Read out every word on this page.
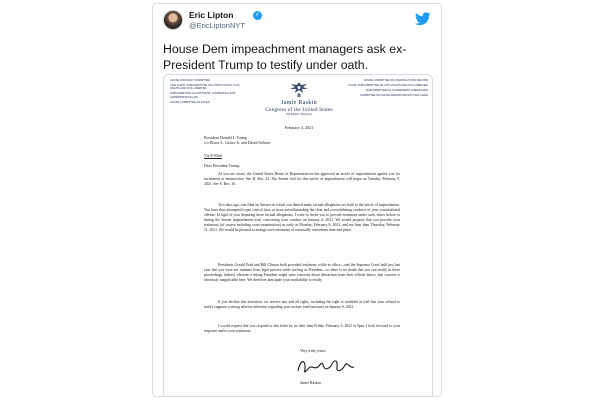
Eric Lipton	✓
@EricLiptonNYT
House Dem impeachment managers ask ex-President Trump to testify under oath.
HOUSE JUDICIARY COMMITTEE
VICE CHAIR, SUBCOMMITTEE ON CONSTITUTION, CIVIL RIGHTS AND CIVIL LIBERTIES
SUBCOMMITTEE ON ANTITRUST, COMMERCIAL AND ADMINISTRATIVE LAW
HOUSE COMMITTEE ON RULES
HOUSE COMMITTEE ON OVERSIGHT AND REFORM
CHAIR, SUBCOMMITTEE ON CIVIL RIGHTS AND CIVIL LIBERTIES
SUBCOMMITTEE ON GOVERNMENT OPERATIONS
COMMITTEE ON HOUSE ADMINISTRATION VICE CHAIR
Jamie Raskin
Congress of the United States
8th District, Maryland
February 4, 2021
President Donald J. Trump
c/o Bruce L. Castor Jr. and David Schoen
Via E-Mail
Dear President Trump,
As you are aware, the United States House of Representatives has approved an article of impeachment against you for incitement of insurrection. See H. Res. 24. The Senate trial for this article of impeachment will begin on Tuesday, February 9, 2021. See S. Res. 16.
Two days ago, you filed an Answer in which you denied many factual allegations set forth in the article of impeachment. You have thus attempted to put critical facts at issue notwithstanding the clear and overwhelming evidence of your constitutional offense. In light of your disputing these factual allegations, I write to invite you to provide testimony under oath, either before or during the Senate impeachment trial, concerning your conduct on January 6, 2021. We would propose that you provide your testimony (of course including cross-examination) as early as Monday, February 8, 2021, and not later than Thursday, February 11, 2021. We would be pleased to arrange such testimony at a mutually convenient time and place.
Presidents Gerald Ford and Bill Clinton both provided testimony while in office—and the Supreme Court held just last year that you were not immune from legal process while serving as President—so there is no doubt that you can testify in these proceedings. Indeed, whereas a sitting President might raise concerns about distraction from their official duties, that concern is obviously inapplicable here. We therefore anticipate your availability to testify.
If you decline this invitation, we reserve any and all rights, including the right to establish at trial that your refusal to testify supports a strong adverse inference regarding your actions (and inaction) on January 6, 2021.
I would request that you respond to this letter by no later than Friday, February 5, 2021 at 5pm. I look forward to your response and to your testimony.
Very truly yours,
Jamie Raskin
